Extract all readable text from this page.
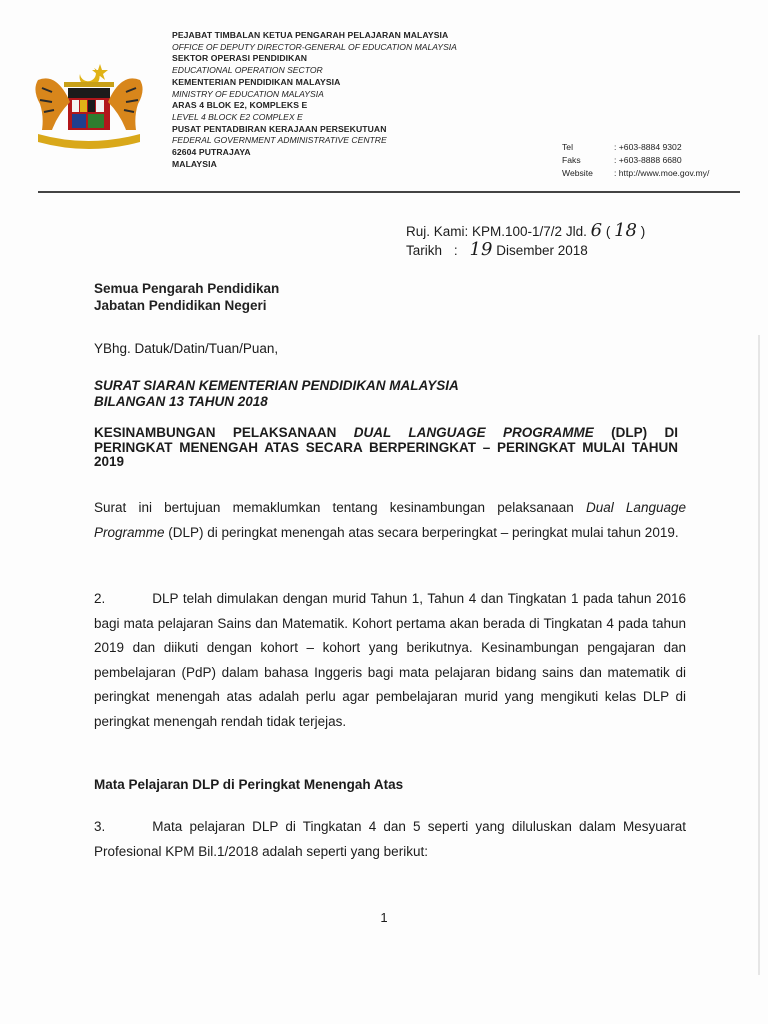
PEJABAT TIMBALAN KETUA PENGARAH PELAJARAN MALAYSIA
OFFICE OF DEPUTY DIRECTOR-GENERAL OF EDUCATION MALAYSIA
SEKTOR OPERASI PENDIDIKAN
EDUCATIONAL OPERATION SECTOR
KEMENTERIAN PENDIDIKAN MALAYSIA
MINISTRY OF EDUCATION MALAYSIA
ARAS 4 BLOK E2, KOMPLEKS E
LEVEL 4 BLOCK E2 COMPLEX E
PUSAT PENTADBIRAN KERAJAAN PERSEKUTUAN
FEDERAL GOVERNMENT ADMINISTRATIVE CENTRE
62604 PUTRAJAYA
MALAYSIA
Tel	: +603-8884 9302
Faks	: +603-8888 6680
Website	: http://www.moe.gov.my/
Ruj. Kami: KPM.100-1/7/2 Jld. 6 ( 18 )
Tarikh : 19 Disember 2018
Semua Pengarah Pendidikan
Jabatan Pendidikan Negeri
YBhg. Datuk/Datin/Tuan/Puan,
SURAT SIARAN KEMENTERIAN PENDIDIKAN MALAYSIA
BILANGAN 13 TAHUN 2018
KESINAMBUNGAN PELAKSANAAN DUAL LANGUAGE PROGRAMME (DLP) DI PERINGKAT MENENGAH ATAS SECARA BERPERINGKAT – PERINGKAT MULAI TAHUN 2019
Surat ini bertujuan memaklumkan tentang kesinambungan pelaksanaan Dual Language Programme (DLP) di peringkat menengah atas secara berperingkat – peringkat mulai tahun 2019.
2.	DLP telah dimulakan dengan murid Tahun 1, Tahun 4 dan Tingkatan 1 pada tahun 2016 bagi mata pelajaran Sains dan Matematik. Kohort pertama akan berada di Tingkatan 4 pada tahun 2019 dan diikuti dengan kohort – kohort yang berikutnya. Kesinambungan pengajaran dan pembelajaran (PdP) dalam bahasa Inggeris bagi mata pelajaran bidang sains dan matematik di peringkat menengah atas adalah perlu agar pembelajaran murid yang mengikuti kelas DLP di peringkat menengah rendah tidak terjejas.
Mata Pelajaran DLP di Peringkat Menengah Atas
3.	Mata pelajaran DLP di Tingkatan 4 dan 5 seperti yang diluluskan dalam Mesyuarat Profesional KPM Bil.1/2018 adalah seperti yang berikut:
1
